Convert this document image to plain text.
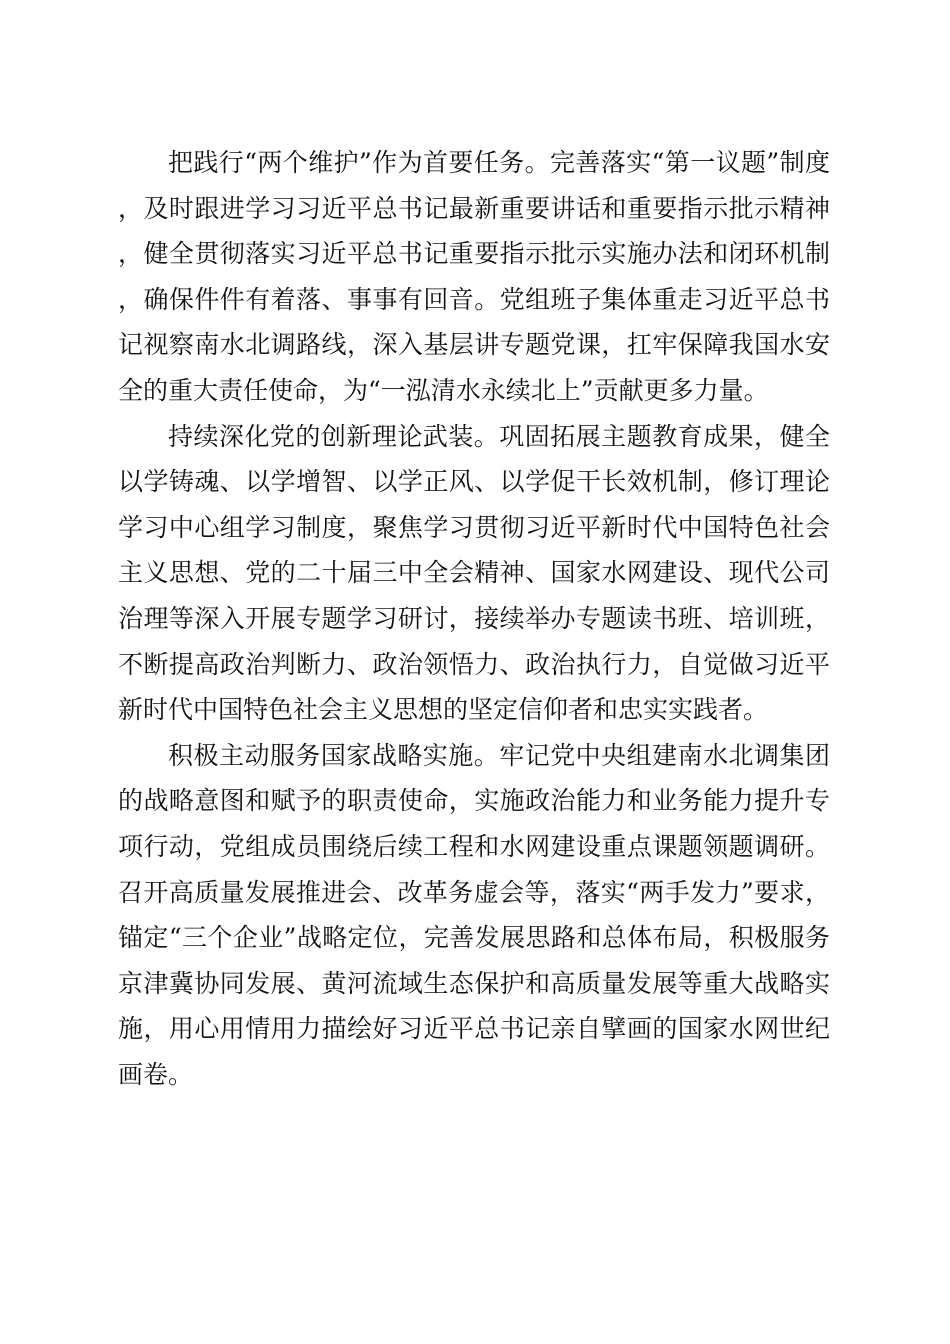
把践行“两个维护”作为首要任务。完善落实“第一议题”制度，及时跟进学习习近平总书记最新重要讲话和重要指示批示精神，健全贯彻落实习近平总书记重要指示批示实施办法和闭环机制，确保件件有着落、事事有回音。党组班子集体重走习近平总书记视察南水北调路线，深入基层讲专题党课，扛牢保障我国水安全的重大责任使命，为“一泓清水永续北上”贡献更多力量。

持续深化党的创新理论武装。巩固拓展主题教育成果，健全以学铸魂、以学增智、以学正风、以学促干长效机制，修订理论学习中心组学习制度，聚焦学习贯彻习近平新时代中国特色社会主义思想、党的二十届三中全会精神、国家水网建设、现代公司治理等深入开展专题学习研讨，接续举办专题读书班、培训班，不断提高政治判断力、政治领悟力、政治执行力，自觉做习近平新时代中国特色社会主义思想的坚定信仰者和忠实实践者。

积极主动服务国家战略实施。牢记党中央组建南水北调集团的战略意图和赋予的职责使命，实施政治能力和业务能力提升专项行动，党组成员围绕后续工程和水网建设重点课题领题调研。召开高质量发展推进会、改革务虚会等，落实“两手发力”要求，锚定“三个企业”战略定位，完善发展思路和总体布局，积极服务京津冀协同发展、黄河流域生态保护和高质量发展等重大战略实施，用心用情用力描绘好习近平总书记亲自擘画的国家水网世纪画卷。
